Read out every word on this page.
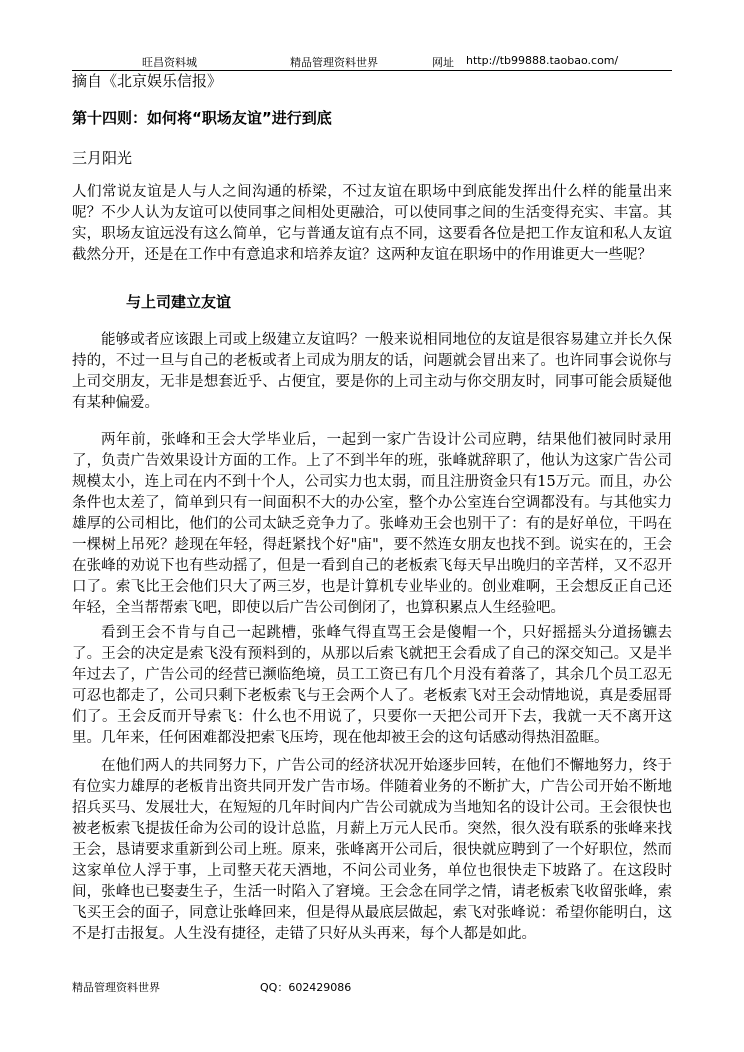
旺昌资料城	精品管理资料世界	网址 http://tb99888.taobao.com/
摘自《北京娱乐信报》
第十四则：如何将“职场友谊”进行到底
三月阳光

人们常说友谊是人与人之间沟通的桥梁，不过友谊在职场中到底能发挥出什么样的能量出来呢？不少人认为友谊可以使同事之间相处更融洽，可以使同事之间的生活变得充实、丰富。其实，职场友谊远没有这么简单，它与普通友谊有点不同，这要看各位是把工作友谊和私人友谊截然分开，还是在工作中有意追求和培养友谊？这两种友谊在职场中的作用谁更大一些呢？

与上司建立友谊

能够或者应该跟上司或上级建立友谊吗？一般来说相同地位的友谊是很容易建立并长久保持的，不过一旦与自己的老板或者上司成为朋友的话，问题就会冒出来了。也许同事会说你与上司交朋友，无非是想套近乎、占便宜，要是你的上司主动与你交朋友时，同事可能会质疑他有某种偏爱。

两年前，张峰和王会大学毕业后，一起到一家广告设计公司应聘，结果他们被同时录用了，负责广告效果设计方面的工作。上了不到半年的班，张峰就辞职了，他认为这家广告公司规模太小，连上司在内不到十个人，公司实力也太弱，而且注册资金只有15万元。而且，办公条件也太差了，简单到只有一间面积不大的办公室，整个办公室连台空调都没有。与其他实力雄厚的公司相比，他们的公司太缺乏竞争力了。张峰劝王会也别干了：有的是好单位，干吗在一棵树上吊死？趁现在年轻，得赶紧找个好"庙"，要不然连女朋友也找不到。说实在的，王会在张峰的劝说下也有些动摇了，但是一看到自己的老板索飞每天早出晚归的辛苦样，又不忍开口了。索飞比王会他们只大了两三岁，也是计算机专业毕业的。创业难啊，王会想反正自己还年轻，全当帮帮索飞吧，即使以后广告公司倒闭了，也算积累点人生经验吧。

看到王会不肯与自己一起跳槽，张峰气得直骂王会是傻帽一个，只好摇摇头分道扬镳去了。王会的决定是索飞没有预料到的，从那以后索飞就把王会看成了自己的深交知己。又是半年过去了，广告公司的经营已濒临绝境，员工工资已有几个月没有着落了，其余几个员工忍无可忍也都走了，公司只剩下老板索飞与王会两个人了。老板索飞对王会动情地说，真是委屈哥们了。王会反而开导索飞：什么也不用说了，只要你一天把公司开下去，我就一天不离开这里。几年来，任何困难都没把索飞压垮，现在他却被王会的这句话感动得热泪盈眶。

在他们两人的共同努力下，广告公司的经济状况开始逐步回转，在他们不懈地努力，终于有位实力雄厚的老板肯出资共同开发广告市场。伴随着业务的不断扩大，广告公司开始不断地招兵买马、发展壮大，在短短的几年时间内广告公司就成为当地知名的设计公司。王会很快也被老板索飞提拔任命为公司的设计总监，月薪上万元人民币。突然，很久没有联系的张峰来找王会，恳请要求重新到公司上班。原来，张峰离开公司后，很快就应聘到了一个好职位，然而这家单位人浮于事，上司整天花天酒地，不问公司业务，单位也很快走下坡路了。在这段时间，张峰也已娶妻生子，生活一时陷入了窘境。王会念在同学之情，请老板索飞收留张峰，索飞买王会的面子，同意让张峰回来，但是得从最底层做起，索飞对张峰说：希望你能明白，这不是打击报复。人生没有捷径，走错了只好从头再来，每个人都是如此。

精品管理资料世界	QQ：602429086
